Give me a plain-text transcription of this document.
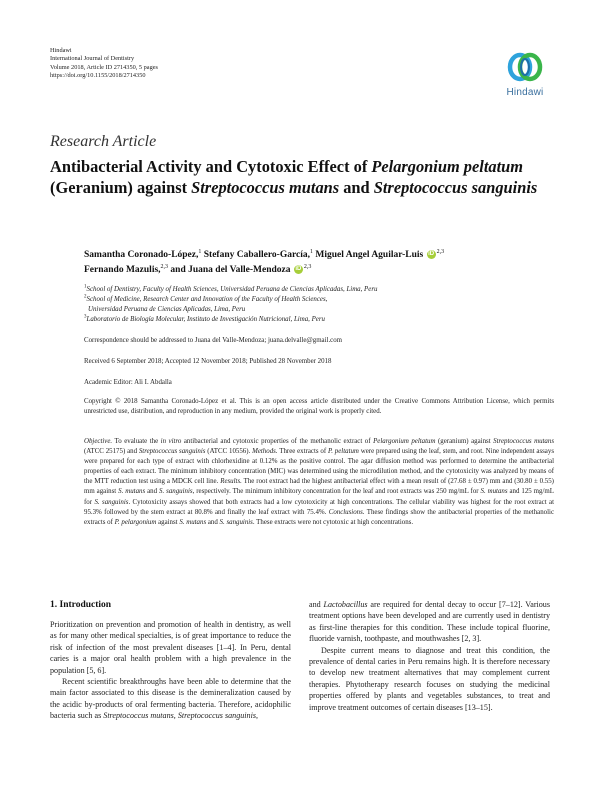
Hindawi
International Journal of Dentistry
Volume 2018, Article ID 2714350, 5 pages
https://doi.org/10.1155/2018/2714350
Hindawi
Research Article
Antibacterial Activity and Cytotoxic Effect of Pelargonium peltatum (Geranium) against Streptococcus mutans and Streptococcus sanguinis
Samantha Coronado-López,$^1$ Stefany Caballero-García,$^1$ Miguel Angel Aguilar-Luis iD $^{2,3}$
Fernando Mazulis,$^{2,3}$ and Juana del Valle-Mendoza iD $^{2,3}$
$^1$School of Dentistry, Faculty of Health Sciences, Universidad Peruana de Ciencias Aplicadas, Lima, Peru
$^2$School of Medicine, Research Center and Innovation of the Faculty of Health Sciences,
Universidad Peruana de Ciencias Aplicadas, Lima, Peru
$^3$Laboratorio de Biología Molecular, Instituto de Investigación Nutricional, Lima, Peru
Correspondence should be addressed to Juana del Valle-Mendoza; juana.delvalle@gmail.com
Received 6 September 2018; Accepted 12 November 2018; Published 28 November 2018
Academic Editor: Ali I. Abdalla
Copyright © 2018 Samantha Coronado-López et al. This is an open access article distributed under the Creative Commons Attribution License, which permits unrestricted use, distribution, and reproduction in any medium, provided the original work is properly cited.
Objective. To evaluate the in vitro antibacterial and cytotoxic properties of the methanolic extract of Pelargonium peltatum (geranium) against Streptococcus mutans (ATCC 25175) and Streptococcus sanguinis (ATCC 10556). Methods. Three extracts of P. peltatum were prepared using the leaf, stem, and root. Nine independent assays were prepared for each type of extract with chlorhexidine at 0.12% as the positive control. The agar diffusion method was performed to determine the antibacterial properties of each extract. The minimum inhibitory concentration (MIC) was determined using the microdilution method, and the cytotoxicity was analyzed by means of the MTT reduction test using a MDCK cell line. Results. The root extract had the highest antibacterial effect with a mean result of (27.68 ± 0.97) mm and (30.80 ± 0.55) mm against S. mutans and S. sanguinis, respectively. The minimum inhibitory concentration for the leaf and root extracts was 250 mg/mL for S. mutans and 125 mg/mL for S. sanguinis. Cytotoxicity assays showed that both extracts had a low cytotoxicity at high concentrations. The cellular viability was highest for the root extract at 95.3% followed by the stem extract at 80.8% and finally the leaf extract with 75.4%. Conclusions. These findings show the antibacterial properties of the methanolic extracts of P. pelargonium against S. mutans and S. sanguinis. These extracts were not cytotoxic at high concentrations.
1. Introduction

Prioritization on prevention and promotion of health in dentistry, as well as for many other medical specialties, is of great importance to reduce the risk of infection of the most prevalent diseases [1–4]. In Peru, dental caries is a major oral health problem with a high prevalence in the population [5, 6].

Recent scientific breakthroughs have been able to determine that the main factor associated to this disease is the demineralization caused by the acidic by-products of oral fermenting bacteria. Therefore, acidophilic bacteria such as Streptococcus mutans, Streptococcus sanguinis,

and Lactobacillus are required for dental decay to occur [7–12]. Various treatment options have been developed and are currently used in dentistry as first-line therapies for this condition. These include topical fluorine, fluoride varnish, toothpaste, and mouthwashes [2, 3].

Despite current means to diagnose and treat this condition, the prevalence of dental caries in Peru remains high. It is therefore necessary to develop new treatment alternatives that may complement current therapies. Phytotherapy research focuses on studying the medicinal properties offered by plants and vegetables substances, to treat and improve treatment outcomes of certain diseases [13–15].
